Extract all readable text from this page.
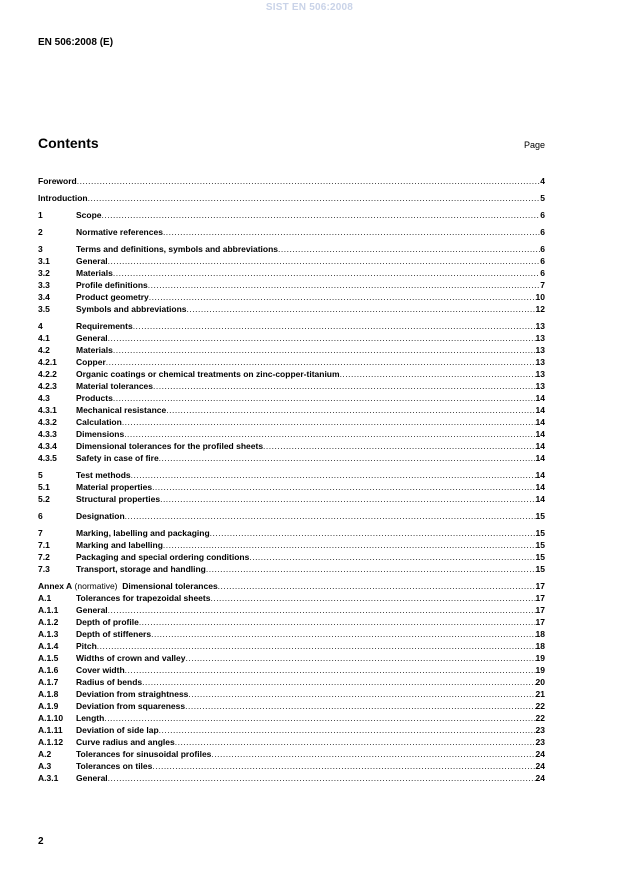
SIST EN 506:2008
EN 506:2008 (E)
Contents	Page
Foreword .....	4
Introduction .....	5
1	Scope .....	6
2	Normative references .....	6
3	Terms and definitions, symbols and abbreviations .....	6
3.1	General .....	6
3.2	Materials .....	6
3.3	Profile definitions .....	7
3.4	Product geometry .....	10
3.5	Symbols and abbreviations .....	12
4	Requirements .....	13
4.1	General .....	13
4.2	Materials .....	13
4.2.1	Copper .....	13
4.2.2	Organic coatings or chemical treatments on zinc-copper-titanium .....	13
4.2.3	Material tolerances .....	13
4.3	Products .....	14
4.3.1	Mechanical resistance .....	14
4.3.2	Calculation .....	14
4.3.3	Dimensions .....	14
4.3.4	Dimensional tolerances for the profiled sheets .....	14
4.3.5	Safety in case of fire .....	14
5	Test methods .....	14
5.1	Material properties .....	14
5.2	Structural properties .....	14
6	Designation .....	15
7	Marking, labelling and packaging .....	15
7.1	Marking and labelling .....	15
7.2	Packaging and special ordering conditions .....	15
7.3	Transport, storage and handling .....	15
Annex A (normative)  Dimensional tolerances .....	17
A.1	Tolerances for trapezoidal sheets .....	17
A.1.1	General .....	17
A.1.2	Depth of profile .....	17
A.1.3	Depth of stiffeners .....	18
A.1.4	Pitch .....	18
A.1.5	Widths of crown and valley .....	19
A.1.6	Cover width .....	19
A.1.7	Radius of bends .....	20
A.1.8	Deviation from straightness .....	21
A.1.9	Deviation from squareness .....	22
A.1.10	Length .....	22
A.1.11	Deviation of side lap .....	23
A.1.12	Curve radius and angles .....	23
A.2	Tolerances for sinusoidal profiles .....	24
A.3	Tolerances on tiles .....	24
A.3.1	General .....	24
2
